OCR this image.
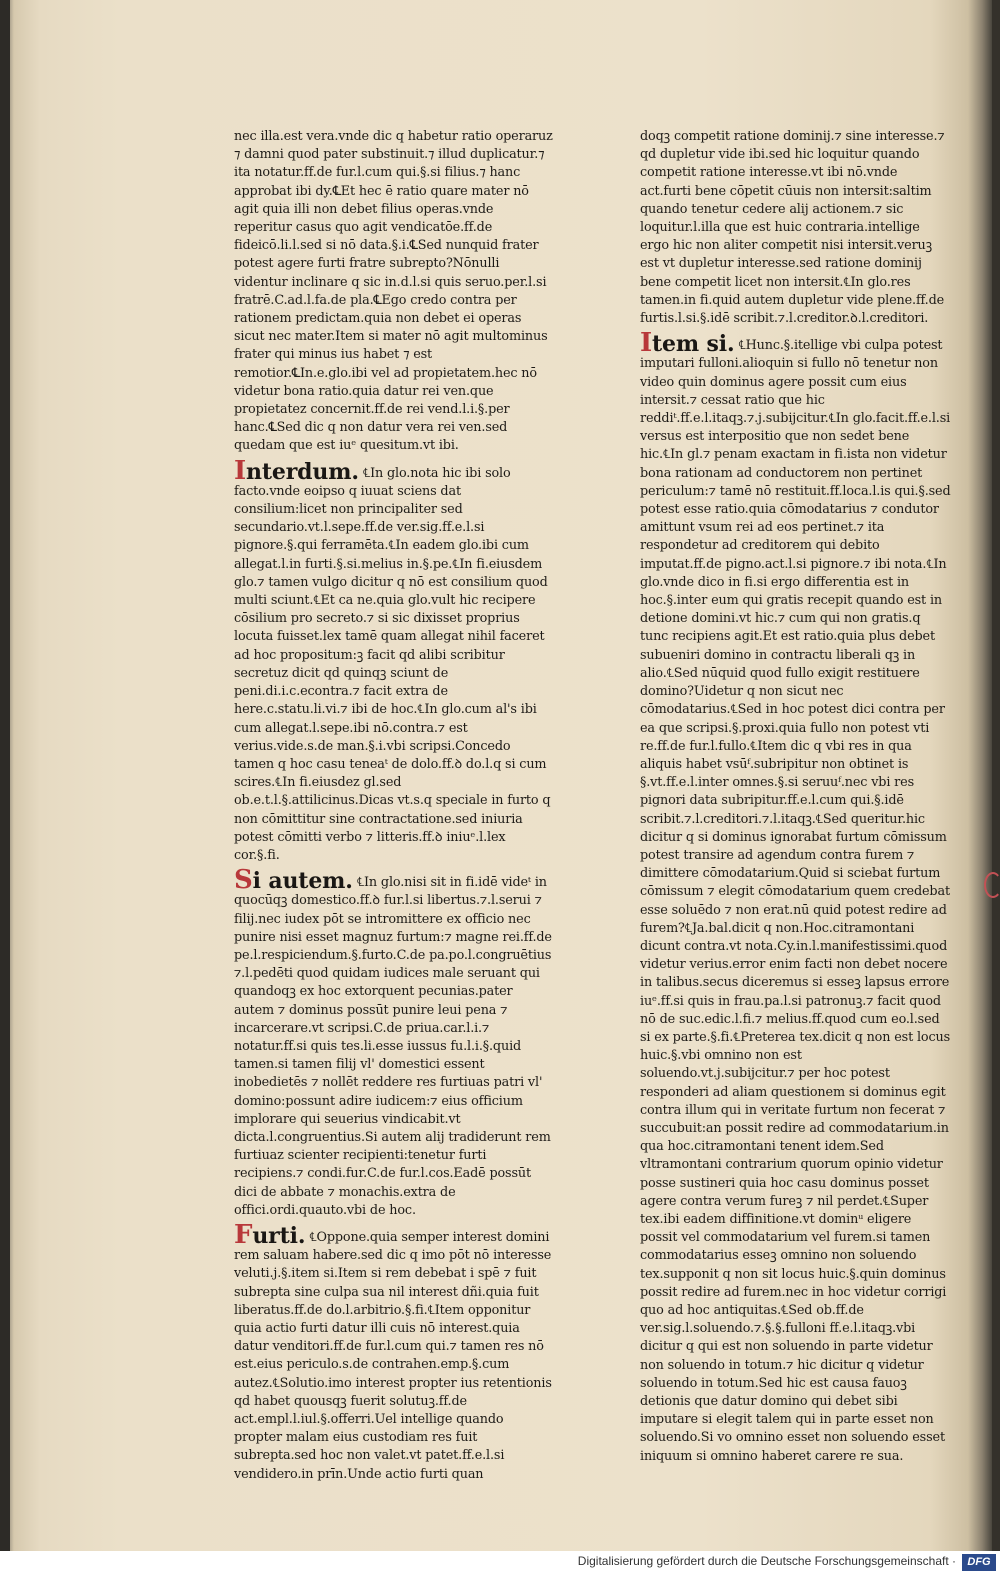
nec illa.est vera.vnde dic q habetur ratio operaruz ⁊ damni quod pater substinuit.⁊ illud duplicatur.⁊ ita notatur.ff.de fur.l.cum qui.§.si filius.⁊ hanc approbat ibi dy.℄Et hec ē ratio quare mater nō agit quia illi non debet filius operas.vnde reperitur casus quo agit vendicatōe.ff.de fideicō.li.l.sed si nō data.§.i.℄Sed nunquid frater potest agere furti fratre subrepto?Nōnulli videntur inclinare q sic in.d.l.si quis seruo.per.l.si fratrē.C.ad.l.fa.de pla.℄Ego credo contra per rationem predictam.quia non debet ei operas sicut nec mater.Item si mater nō agit multominus frater qui minus ius habet ⁊ est remotior.℄In.e.glo.ibi vel ad propietatem.hec nō videtur bona ratio.quia datur rei ven.que propietatez concernit.ff.de rei vend.l.i.§.per hanc.℄Sed dic q non datur vera rei ven.sed quedam que est iuᵉ quesitum.vt ibi.

Interdum. ℄In glo.nota hic ibi solo facto.vnde eoipso q iuuat sciens dat consilium:licet non principaliter sed secundario.vt.l.sepe.ff.de ver.sig.ff.e.l.si pignore.§.qui ferramēta.℄In eadem glo.ibi cum allegat.l.in furti.§.si.melius in.§.pe.℄In fi.eiusdem glo.⁊ tamen vulgo dicitur q nō est consilium quod multi sciunt.℄Et ca ne.quia glo.vult hic recipere cōsilium pro secreto.⁊ si sic dixisset proprius locuta fuisset.lex tamē quam allegat nihil faceret ad hoc propositum:ꝫ facit qd alibi scribitur secretuz dicit qd quinqꝫ sciunt de peni.di.i.c.econtra.⁊ facit extra de here.c.statu.li.vi.⁊ ibi de hoc.℄In glo.cum al's ibi cum allegat.l.sepe.ibi nō.contra.⁊ est verius.vide.s.de man.§.i.vbi scripsi.Concedo tamen q hoc casu teneaᵗ de dolo.ff.ꝺ do.l.q si cum scires.℄In fi.eiusdez gl.sed ob.e.t.l.§.attilicinus.Dicas vt.s.q speciale in furto q non cōmittitur sine contractatione.sed iniuria potest cōmitti verbo ⁊ litteris.ff.ꝺ iniuᵉ.l.lex cor.§.fi.

Si autem. ℄In glo.nisi sit in fi.idē videᵗ in quocūqꝫ domestico.ff.ꝺ fur.l.si libertus.⁊.l.serui ⁊ filij.nec iudex pōt se intromittere ex officio nec punire nisi esset magnuz furtum:⁊ magne rei.ff.de pe.l.respiciendum.§.furto.C.de pa.po.l.congruētius ⁊.l.pedēti quod quidam iudices male seruant qui quandoqꝫ ex hoc extorquent pecunias.pater autem ⁊ dominus possūt punire leui pena ⁊ incarcerare.vt scripsi.C.de priua.car.l.i.⁊ notatur.ff.si quis tes.li.esse iussus fu.l.i.§.quid tamen.si tamen filij vl' domestici essent inobedietēs ⁊ nollēt reddere res furtiuas patri vl' domino:possunt adire iudicem:⁊ eius officium implorare qui seuerius vindicabit.vt dicta.l.congruentius.Si autem alij tradiderunt rem furtiuaz scienter recipienti:tenetur furti recipiens.⁊ condi.fur.C.de fur.l.cos.Eadē possūt dici de abbate ⁊ monachis.extra de offici.ordi.quauto.vbi de hoc.

Furti. ℄Oppone.quia semper interest domini rem saluam habere.sed dic q imo pōt nō interesse veluti.j.§.item si.Item si rem debebat i spē ⁊ fuit subrepta sine culpa sua nil interest dñi.quia fuit liberatus.ff.de do.l.arbitrio.§.fi.℄Item opponitur quia actio furti datur illi cuis nō interest.quia datur venditori.ff.de fur.l.cum qui.⁊ tamen res nō est.eius periculo.s.de contrahen.emp.§.cum autez.℄Solutio.imo interest propter ius retentionis qd habet quousqꝫ fuerit solutuꝫ.ff.de act.empl.l.iul.§.offerri.Uel intellige quando propter malam eius custodiam res fuit subrepta.sed hoc non valet.vt patet.ff.e.l.si vendidero.in prīn.Unde actio furti quan

doqꝫ competit ratione dominij.⁊ sine interesse.⁊ qd dupletur vide ibi.sed hic loquitur quando competit ratione interesse.vt ibi nō.vnde act.furti bene cōpetit cūuis non intersit:saltim quando tenetur cedere alij actionem.⁊ sic loquitur.l.illa que est huic contraria.intellige ergo hic non aliter competit nisi intersit.veruꝫ est vt dupletur interesse.sed ratione dominij bene competit licet non intersit.℄In glo.res tamen.in fi.quid autem dupletur vide plene.ff.de furtis.l.si.§.idē scribit.⁊.l.creditor.ꝺ.l.creditori.

Item si. ℄Hunc.§.itellige vbi culpa potest imputari fulloni.alioquin si fullo nō tenetur non video quin dominus agere possit cum eius intersit.⁊ cessat ratio que hic reddiᵗ.ff.e.l.itaqꝫ.⁊.j.subijcitur.℄In glo.facit.ff.e.l.si versus est interpositio que non sedet bene hic.℄In gl.⁊ penam exactam in fi.ista non videtur bona rationam ad conductorem non pertinet periculum:⁊ tamē nō restituit.ff.loca.l.is qui.§.sed potest esse ratio.quia cōmodatarius ⁊ condutor amittunt vsum rei ad eos pertinet.⁊ ita respondetur ad creditorem qui debito imputat.ff.de pigno.act.l.si pignore.⁊ ibi nota.℄In glo.vnde dico in fi.si ergo differentia est in hoc.§.inter eum qui gratis recepit quando est in detione domini.vt hic.⁊ cum qui non gratis.q tunc recipiens agit.Et est ratio.quia plus debet subueniri domino in contractu liberali qꝫ in alio.℄Sed nūquid quod fullo exigit restituere domino?Uidetur q non sicut nec cōmodatarius.℄Sed in hoc potest dici contra per ea que scripsi.§.proxi.quia fullo non potest vti re.ff.de fur.l.fullo.℄Item dic q vbi res in qua aliquis habet vsūᶠ.subripitur non obtinet is §.vt.ff.e.l.inter omnes.§.si seruuᶠ.nec vbi res pignori data subripitur.ff.e.l.cum qui.§.idē scribit.⁊.l.creditori.⁊.l.itaqꝫ.℄Sed queritur.hic dicitur q si dominus ignorabat furtum cōmissum potest transire ad agendum contra furem ⁊ dimittere cōmodatarium.Quid si sciebat furtum cōmissum ⁊ elegit cōmodatarium quem credebat esse soluēdo ⁊ non erat.nū quid potest redire ad furem?℄Ja.bal.dicit q non.Hoc.citramontani dicunt contra.vt nota.Cy.in.l.manifestissimi.quod videtur verius.error enim facti non debet nocere in talibus.secus diceremus si esseꝫ lapsus errore iuᵉ.ff.si quis in frau.pa.l.si patronuꝫ.⁊ facit quod nō de suc.edic.l.fi.⁊ melius.ff.quod cum eo.l.sed si ex parte.§.fi.℄Preterea tex.dicit q non est locus huic.§.vbi omnino non est soluendo.vt.j.subijcitur.⁊ per hoc potest responderi ad aliam questionem si dominus egit contra illum qui in veritate furtum non fecerat ⁊ succubuit:an possit redire ad commodatarium.in qua hoc.citramontani tenent idem.Sed vltramontani contrarium quorum opinio videtur posse sustineri quia hoc casu dominus posset agere contra verum fureꝫ ⁊ nil perdet.℄Super tex.ibi eadem diffinitione.vt dominᵘ eligere possit vel commodatarium vel furem.si tamen commodatarius esseꝫ omnino non soluendo tex.supponit q non sit locus huic.§.quin dominus possit redire ad furem.nec in hoc videtur corrigi quo ad hoc antiquitas.℄Sed ob.ff.de ver.sig.l.soluendo.⁊.§.§.fulloni ff.e.l.itaqꝫ.vbi dicitur q qui est non soluendo in parte videtur non soluendo in totum.⁊ hic dicitur q videtur soluendo in totum.Sed hic est causa fauoꝫ detionis que datur domino qui debet sibi imputare si elegit talem qui in parte esset non soluendo.Si vo omnino esset non soluendo esset iniquum si omnino haberet carere re sua.

Digitalisierung gefördert durch die Deutsche Forschungsgemeinschaft ·	DFG
